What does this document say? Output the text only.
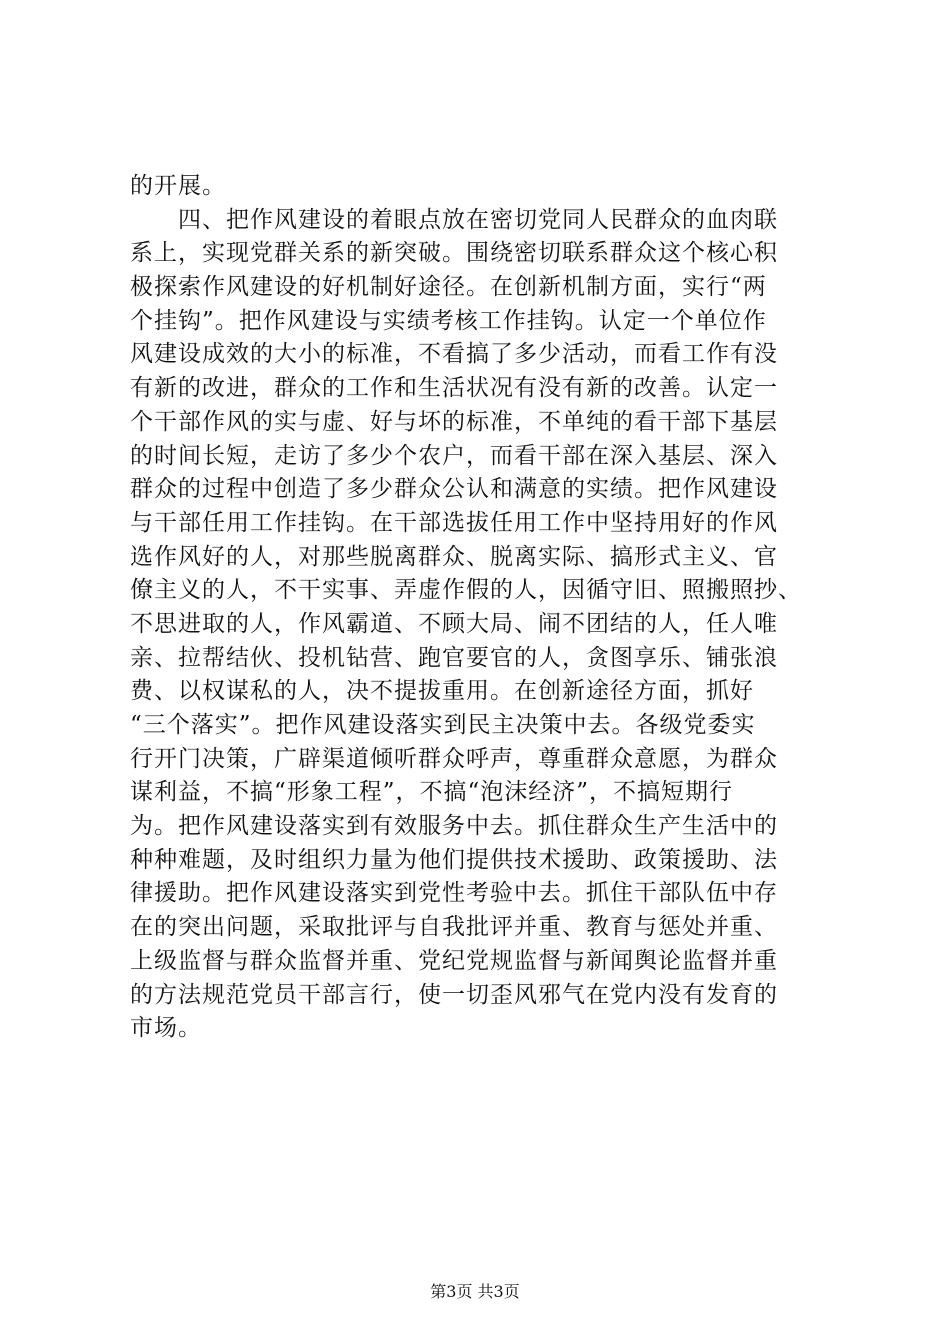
的开展。
　　四、把作风建设的着眼点放在密切党同人民群众的血肉联
系上，实现党群关系的新突破。围绕密切联系群众这个核心积
极探索作风建设的好机制好途径。在创新机制方面，实行“两
个挂钩”。把作风建设与实绩考核工作挂钩。认定一个单位作
风建设成效的大小的标准，不看搞了多少活动，而看工作有没
有新的改进，群众的工作和生活状况有没有新的改善。认定一
个干部作风的实与虚、好与坏的标准，不单纯的看干部下基层
的时间长短，走访了多少个农户，而看干部在深入基层、深入
群众的过程中创造了多少群众公认和满意的实绩。把作风建设
与干部任用工作挂钩。在干部选拔任用工作中坚持用好的作风
选作风好的人，对那些脱离群众、脱离实际、搞形式主义、官
僚主义的人，不干实事、弄虚作假的人，因循守旧、照搬照抄、
不思进取的人，作风霸道、不顾大局、闹不团结的人，任人唯
亲、拉帮结伙、投机钻营、跑官要官的人，贪图享乐、铺张浪
费、以权谋私的人，决不提拔重用。在创新途径方面，抓好
“三个落实”。把作风建设落实到民主决策中去。各级党委实
行开门决策，广辟渠道倾听群众呼声，尊重群众意愿，为群众
谋利益，不搞“形象工程”，不搞“泡沫经济”，不搞短期行
为。把作风建设落实到有效服务中去。抓住群众生产生活中的
种种难题，及时组织力量为他们提供技术援助、政策援助、法
律援助。把作风建设落实到党性考验中去。抓住干部队伍中存
在的突出问题，采取批评与自我批评并重、教育与惩处并重、
上级监督与群众监督并重、党纪党规监督与新闻舆论监督并重
的方法规范党员干部言行，使一切歪风邪气在党内没有发育的
市场。
第3页 共3页
